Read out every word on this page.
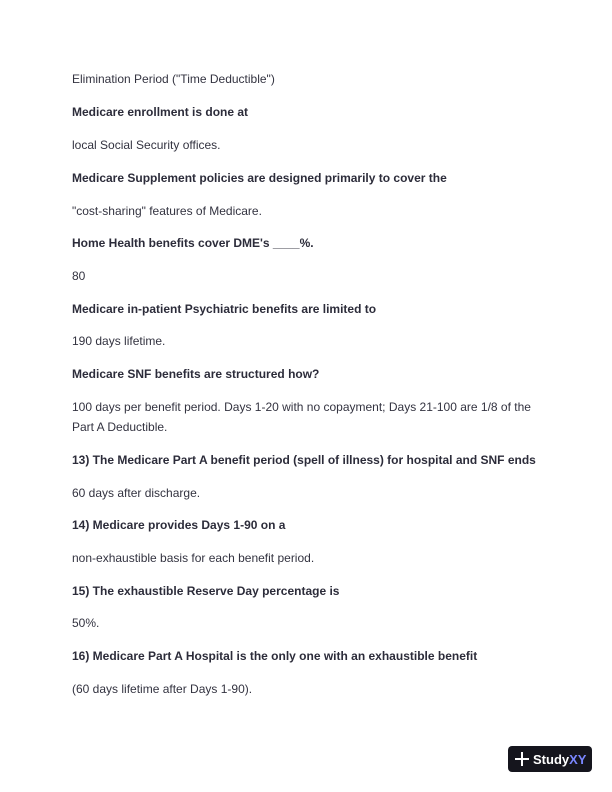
Elimination Period ("Time Deductible")
Medicare enrollment is done at
local Social Security offices.
Medicare Supplement policies are designed primarily to cover the
"cost-sharing" features of Medicare.
Home Health benefits cover DME's ____%.
80
Medicare in-patient Psychiatric benefits are limited to
190 days lifetime.
Medicare SNF benefits are structured how?
100 days per benefit period. Days 1-20 with no copayment; Days 21-100 are 1/8 of the Part A Deductible.
13) The Medicare Part A benefit period (spell of illness) for hospital and SNF ends
60 days after discharge.
14) Medicare provides Days 1-90 on a
non-exhaustible basis for each benefit period.
15) The exhaustible Reserve Day percentage is
50%.
16) Medicare Part A Hospital is the only one with an exhaustible benefit
(60 days lifetime after Days 1-90).
StudyXY
